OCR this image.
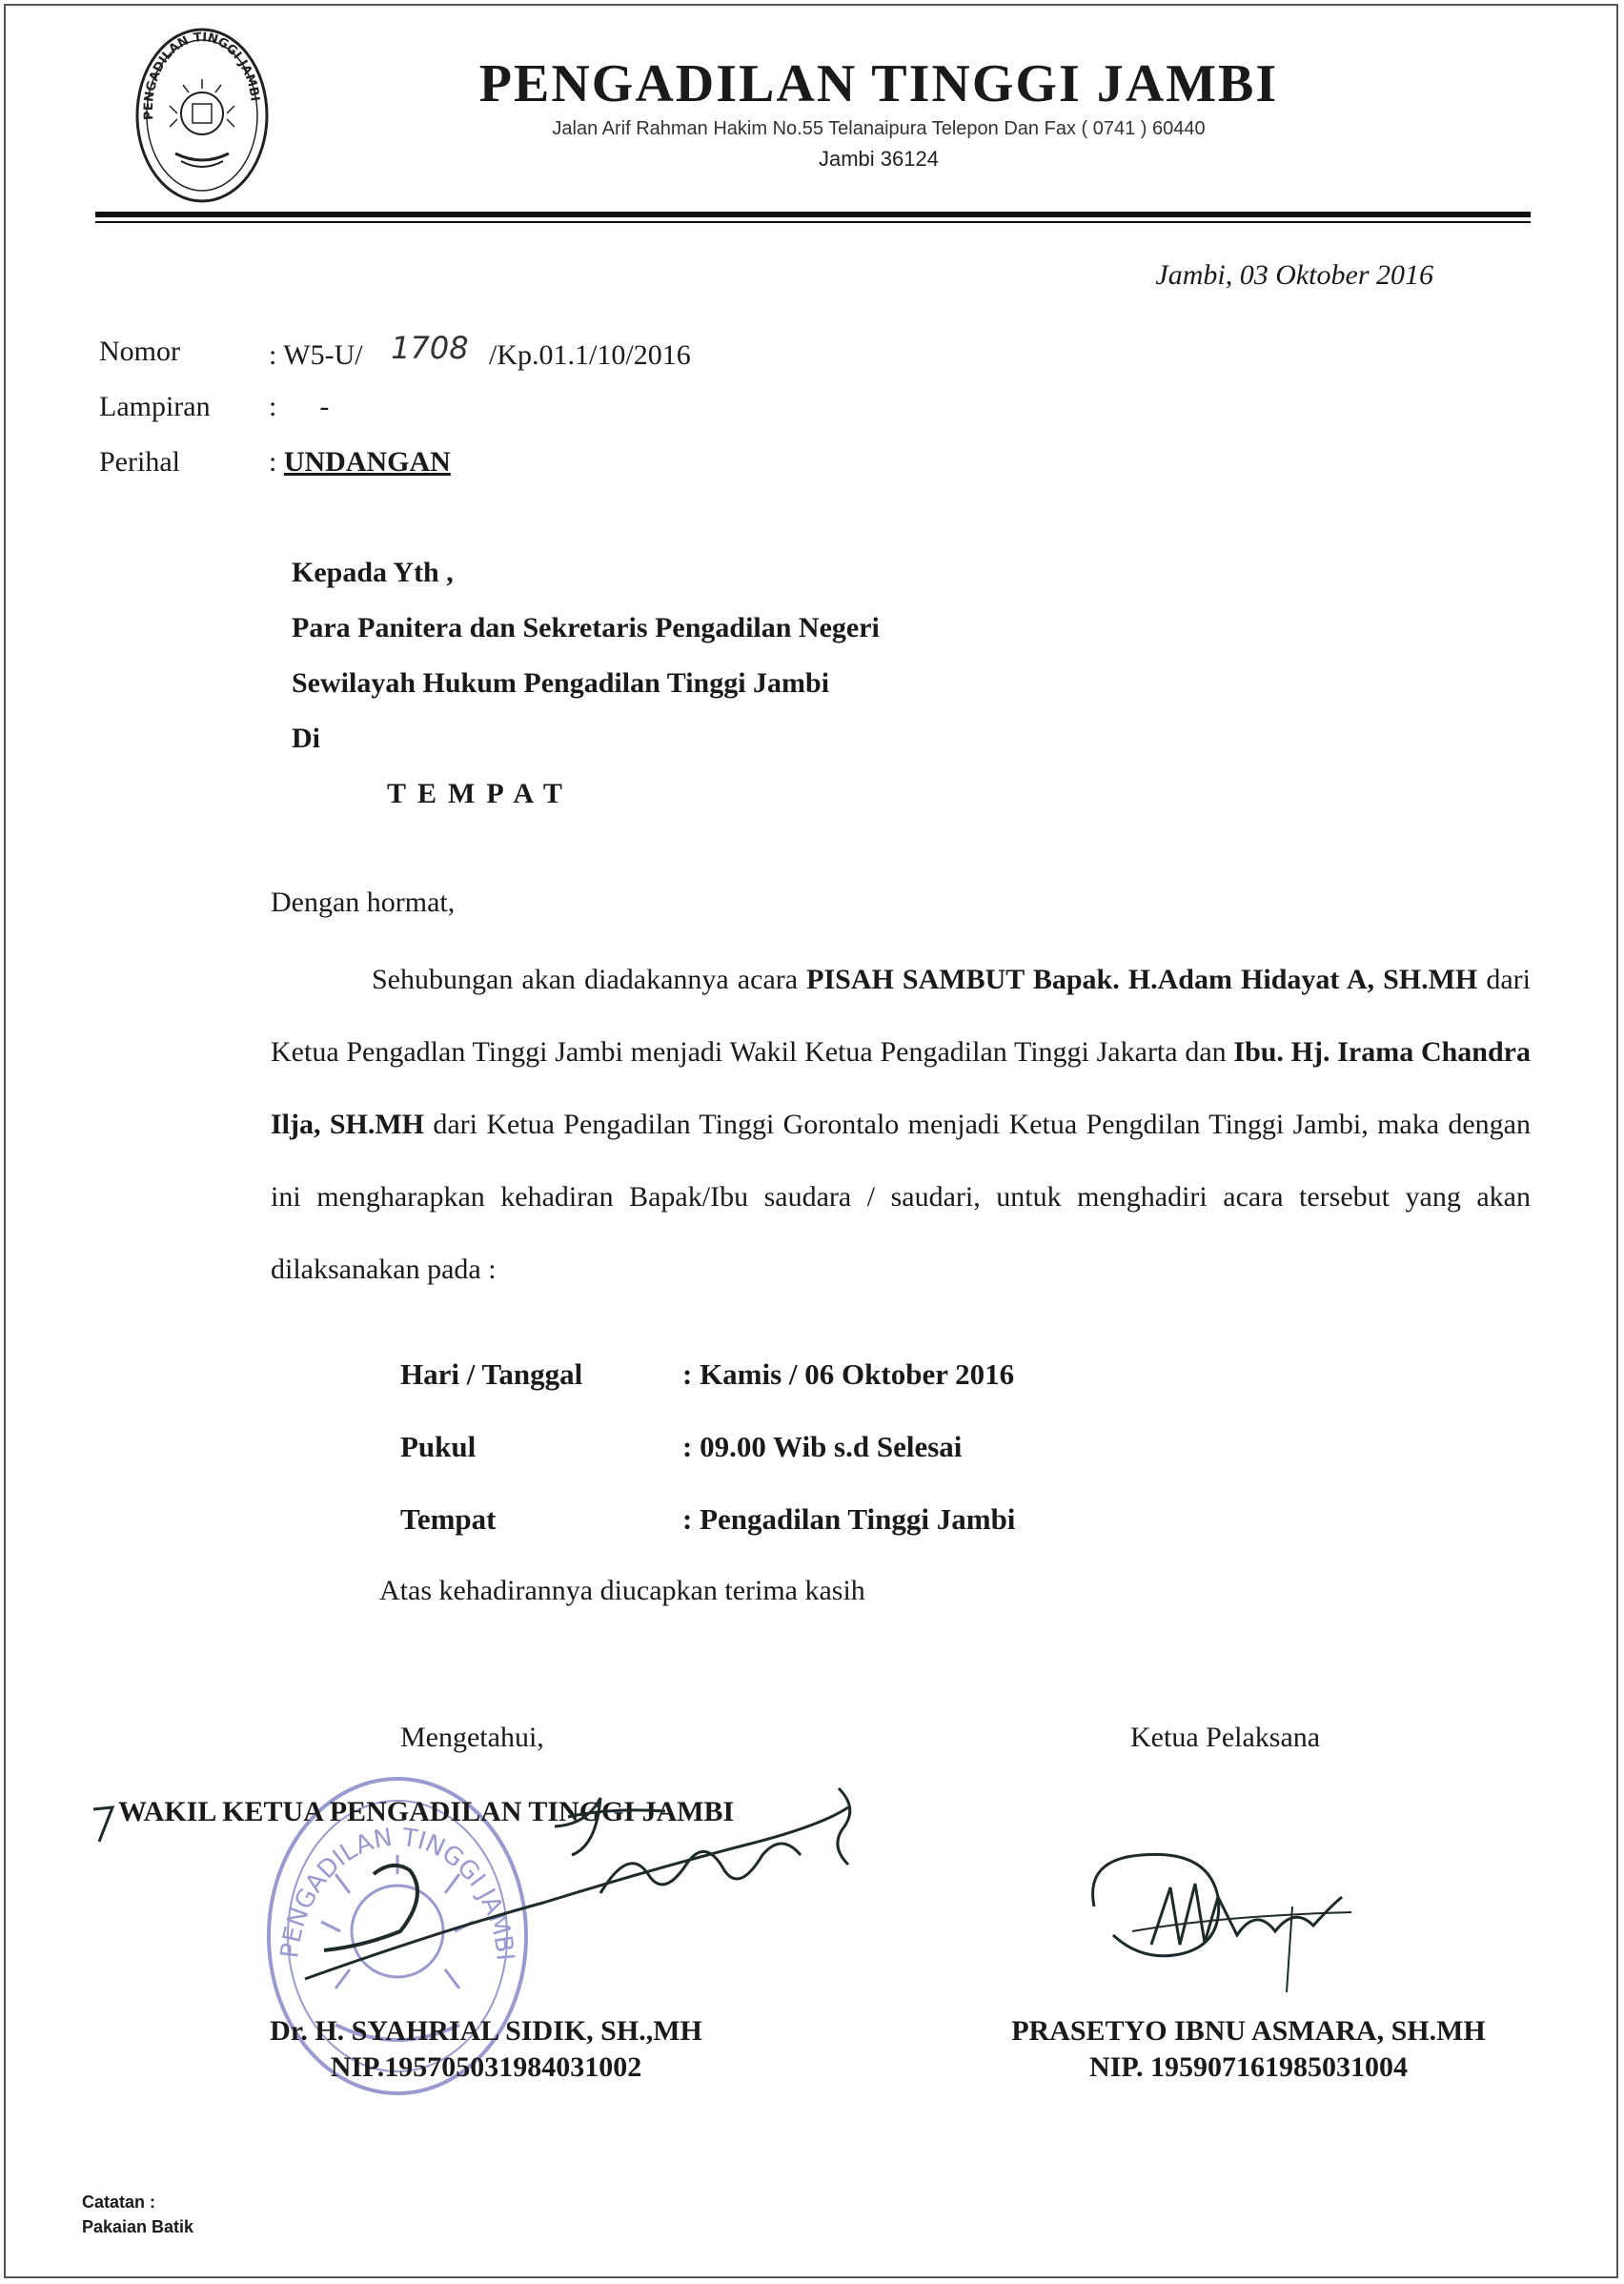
PENGADILAN TINGGI JAMBI	PENGADILAN TINGGI JAMBI
Jalan Arif Rahman Hakim No.55 Telanaipura Telepon Dan Fax ( 0741 ) 60440
Jambi 36124
Jambi, 03 Oktober 2016
Nomor	: W5-U/ 1708 /Kp.01.1/10/2016
Lampiran :      -
Perihal	: UNDANGAN
Kepada Yth ,
Para Panitera dan Sekretaris Pengadilan Negeri
Sewilayah Hukum Pengadilan Tinggi Jambi
Di
TEMPAT
Dengan hormat,
Sehubungan akan diadakannya acara PISAH SAMBUT Bapak. H.Adam Hidayat A, SH.MH dari Ketua Pengadlan Tinggi Jambi menjadi Wakil Ketua Pengadilan Tinggi Jakarta dan Ibu. Hj. Irama Chandra Ilja, SH.MH dari Ketua Pengadilan Tinggi Gorontalo menjadi Ketua Pengdilan Tinggi Jambi, maka dengan ini mengharapkan kehadiran Bapak/Ibu saudara / saudari, untuk menghadiri acara tersebut yang akan dilaksanakan pada :
Hari / Tanggal	: Kamis / 06 Oktober 2016
Pukul	: 09.00 Wib s.d Selesai
Tempat	: Pengadilan Tinggi Jambi
Atas kehadirannya diucapkan terima kasih
Mengetahui,	Ketua Pelaksana
PENGADILAN TINGGI JAMBI
WAKIL KETUA PENGADILAN TINGGI JAMBI
Dr. H. SYAHRIAL SIDIK, SH.,MH
NIP.195705031984031002
PRASETYO IBNU ASMARA, SH.MH
NIP. 195907161985031004
Catatan :
Pakaian Batik
